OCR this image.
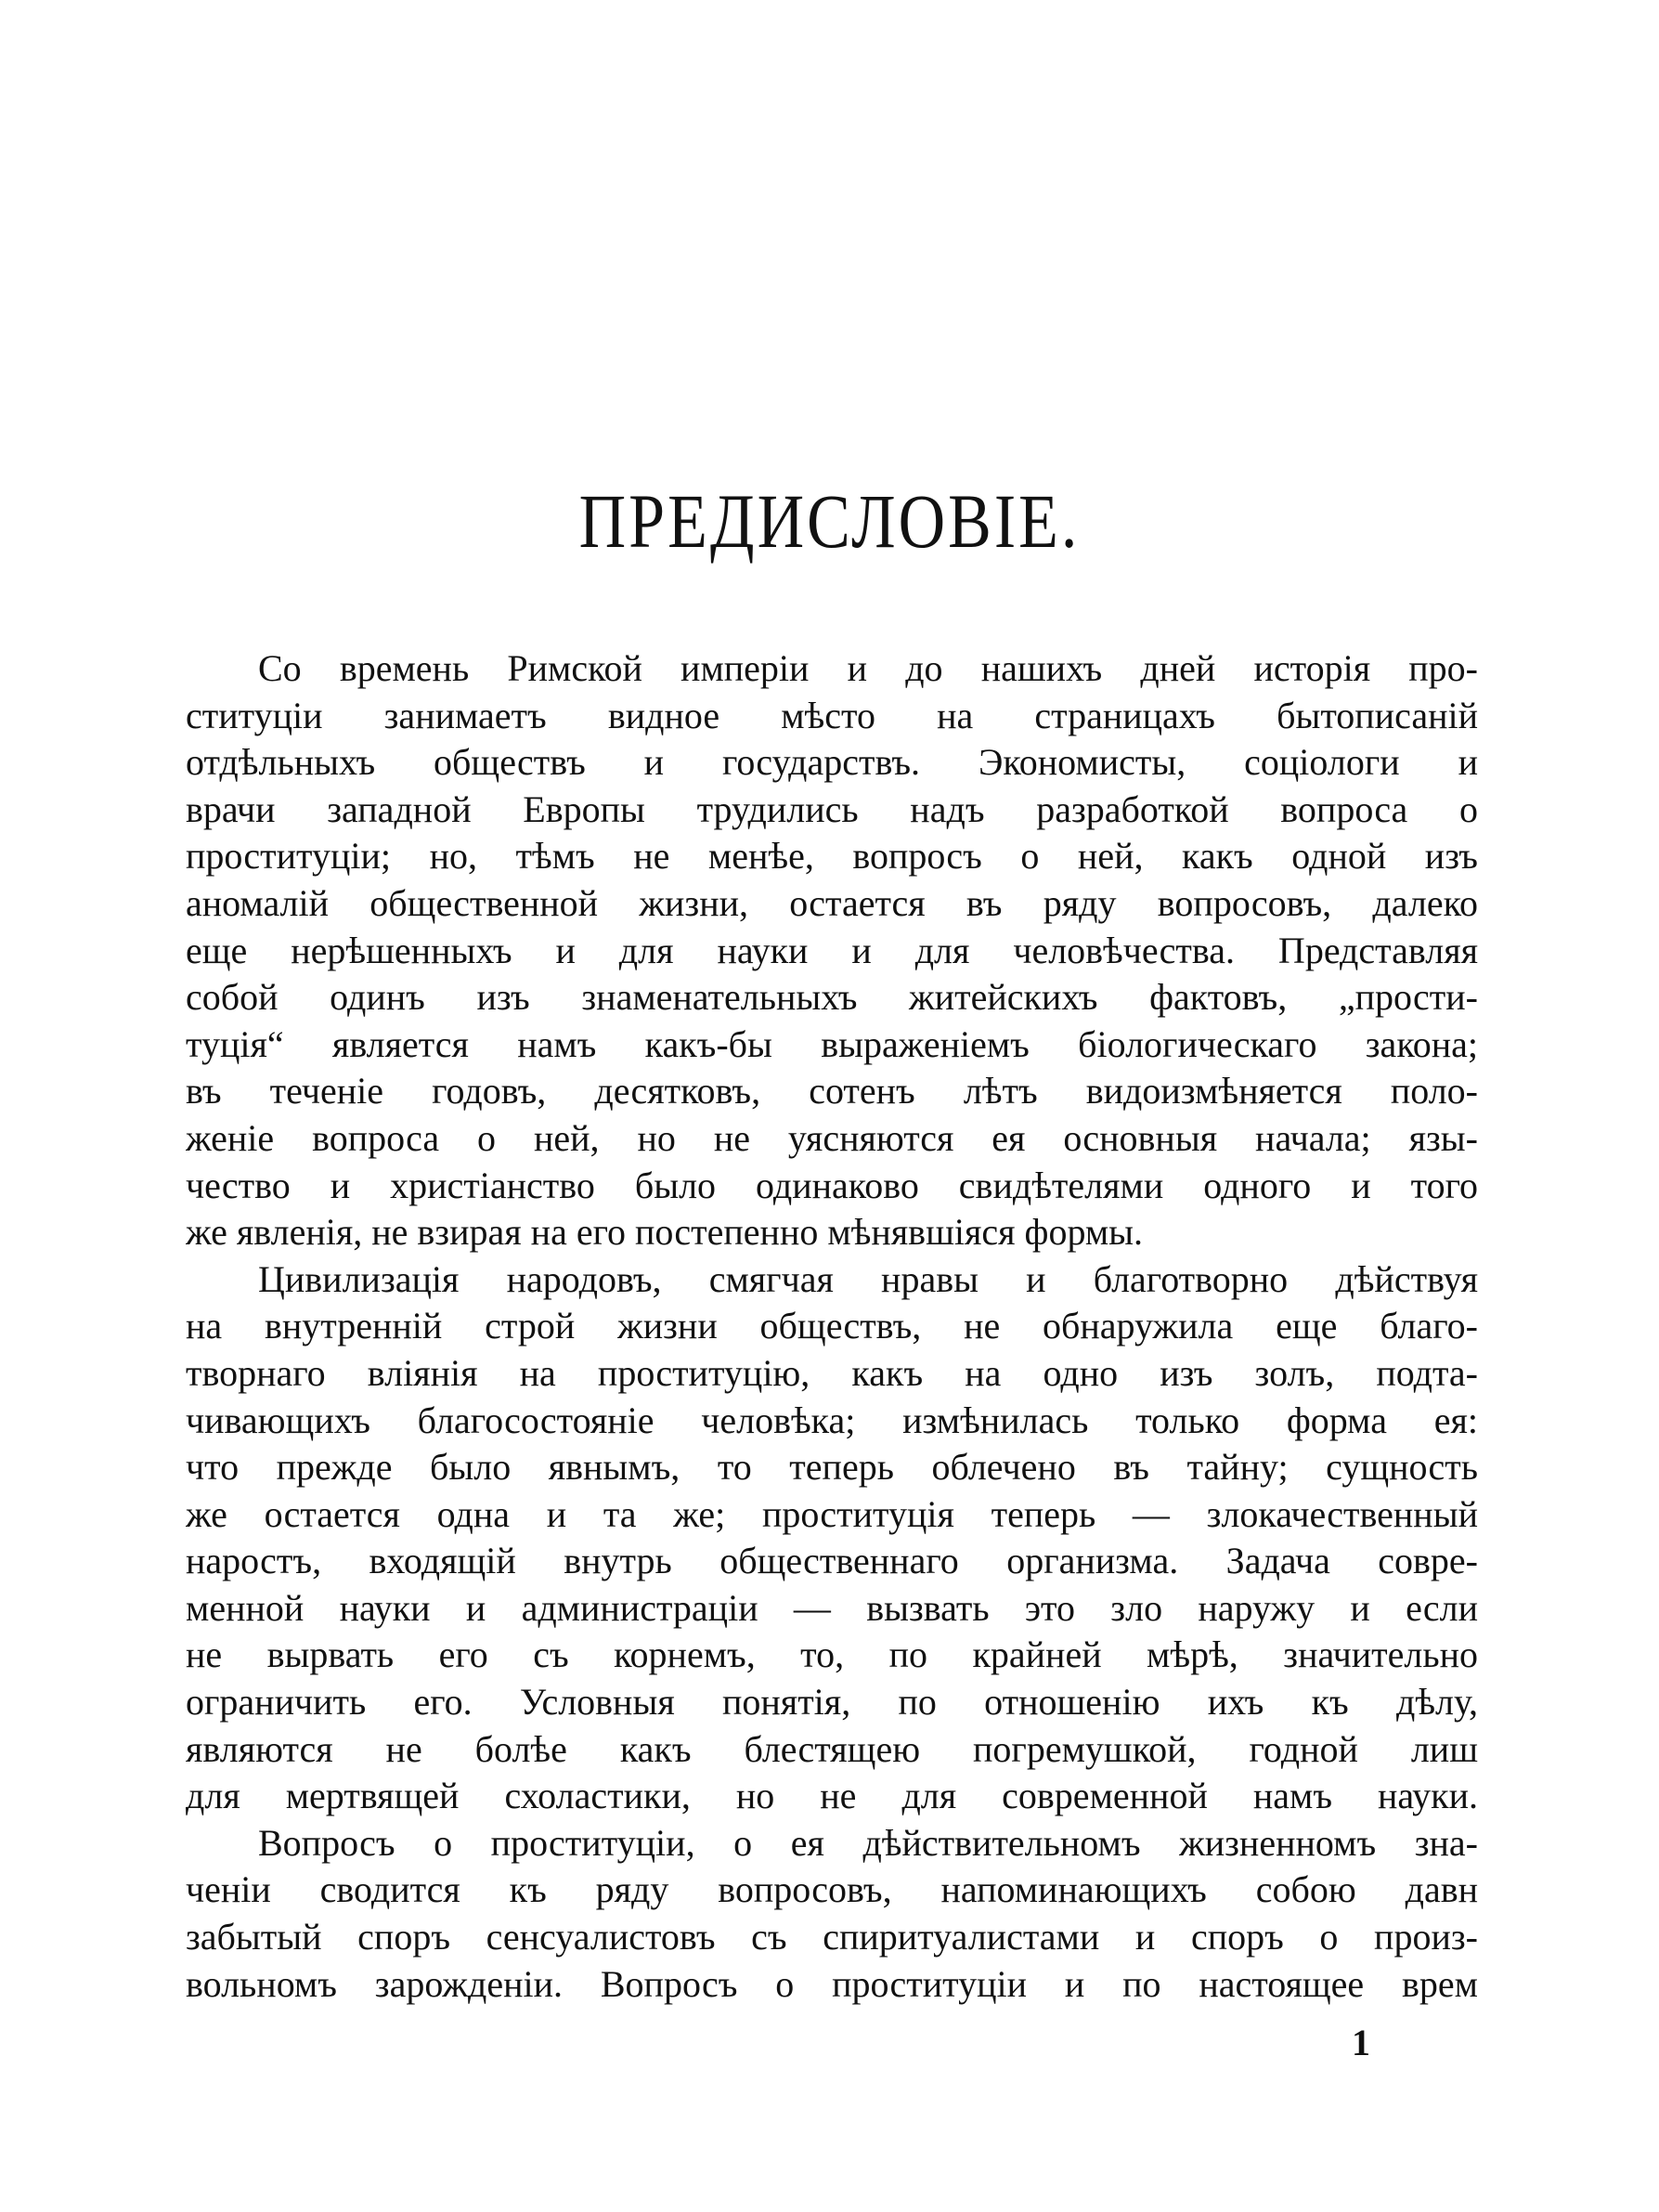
ПРЕДИСЛОВІЕ.
Со времень Римской имперіи и до нашихъ дней исторія про-
ституціи занимаетъ видное мѣсто на страницахъ бытописаній
отдѣльныхъ обществъ и государствъ. Экономисты, соціологи и
врачи западной Европы трудились надъ разработкой вопроса о
проституціи; но, тѣмъ не менѣе, вопросъ о ней, какъ одной изъ
аномалій общественной жизни, остается въ ряду вопросовъ, далеко
еще нерѣшенныхъ и для науки и для человѣчества. Представляя
собой одинъ изъ знаменательныхъ житейскихъ фактовъ, „прости-
туція“ является намъ какъ-бы выраженіемъ біологическаго закона;
въ теченіе годовъ, десятковъ, сотенъ лѣтъ видоизмѣняется поло-
женіе вопроса о ней, но не уясняются ея основныя начала; язы-
чество и христіанство было одинаково свидѣтелями одного и того
же явленія, не взирая на его постепенно мѣнявшіяся формы.
Цивилизація народовъ, смягчая нравы и благотворно дѣйствуя
на внутренній строй жизни обществъ, не обнаружила еще благо-
творнаго вліянія на проституцію, какъ на одно изъ золъ, подта-
чивающихъ благосостояніе человѣка; измѣнилась только форма ея:
что прежде было явнымъ, то теперь облечено въ тайну; сущность
же остается одна и та же; проституція теперь — злокачественный
наростъ, входящій внутрь общественнаго организма. Задача совре-
менной науки и администраціи — вызвать это зло наружу и если
не вырвать его съ корнемъ, то, по крайней мѣрѣ, значительно
ограничить его. Условныя понятія, по отношенію ихъ къ дѣлу,
являются не болѣе какъ блестящею погремушкой, годной лиш
для мертвящей схоластики, но не для современной намъ науки.
Вопросъ о проституціи, о ея дѣйствительномъ жизненномъ зна-
ченіи сводится къ ряду вопросовъ, напоминающихъ собою давн
забытый споръ сенсуалистовъ съ спиритуалистами и споръ о произ-
вольномъ зарожденіи. Вопросъ о проституціи и по настоящее врем
1
